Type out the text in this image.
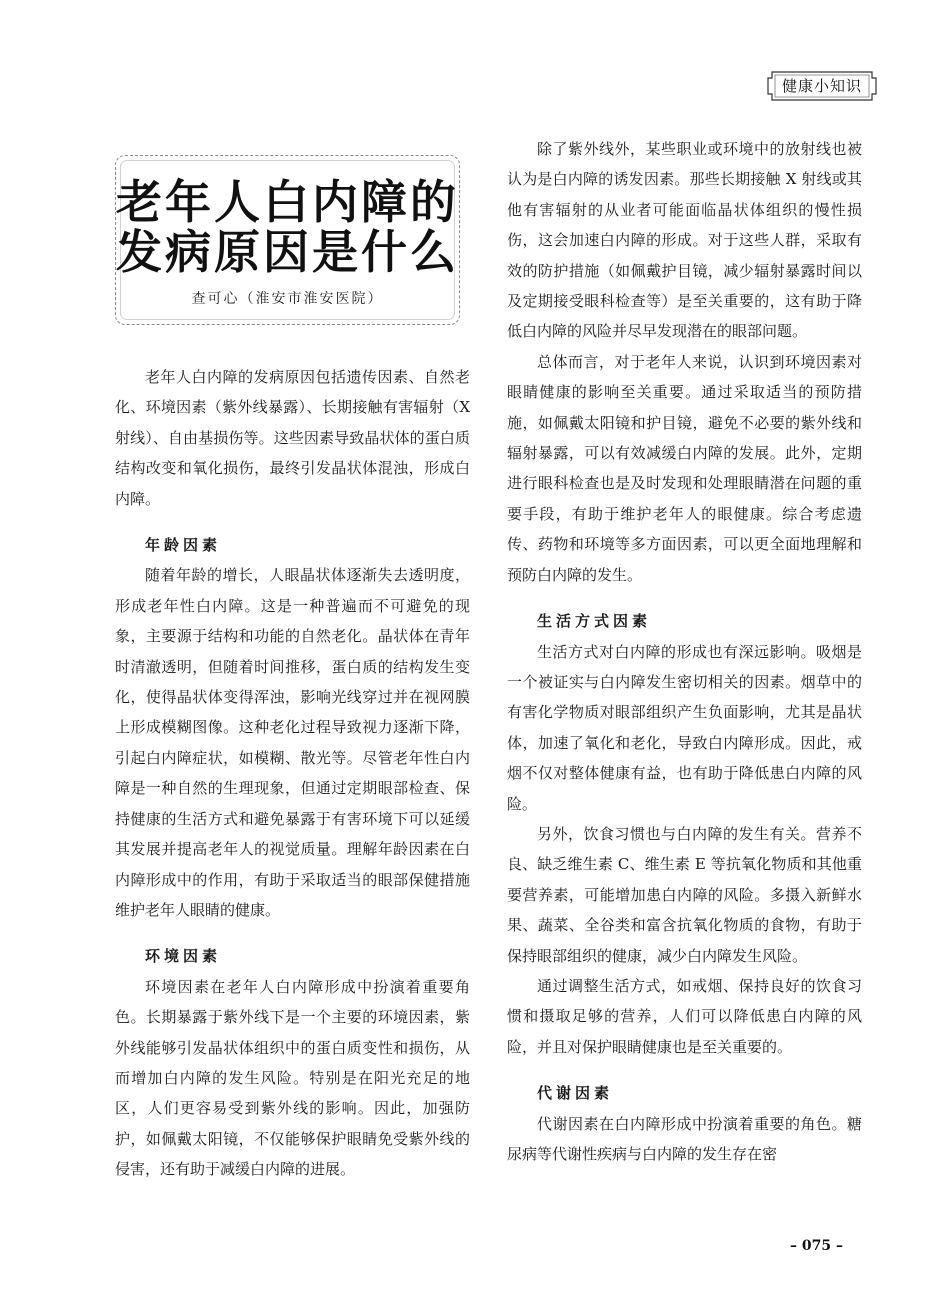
健康小知识
老年人白内障的
发病原因是什么
查可心（淮安市淮安医院）

老年人白内障的发病原因包括遗传因素、自然老化、环境因素（紫外线暴露）、长期接触有害辐射（X 射线）、自由基损伤等。这些因素导致晶状体的蛋白质结构改变和氧化损伤，最终引发晶状体混浊，形成白内障。

年龄因素

随着年龄的增长，人眼晶状体逐渐失去透明度，形成老年性白内障。这是一种普遍而不可避免的现象，主要源于结构和功能的自然老化。晶状体在青年时清澈透明，但随着时间推移，蛋白质的结构发生变化，使得晶状体变得浑浊，影响光线穿过并在视网膜上形成模糊图像。这种老化过程导致视力逐渐下降，引起白内障症状，如模糊、散光等。尽管老年性白内障是一种自然的生理现象，但通过定期眼部检查、保持健康的生活方式和避免暴露于有害环境下可以延缓其发展并提高老年人的视觉质量。理解年龄因素在白内障形成中的作用，有助于采取适当的眼部保健措施维护老年人眼睛的健康。

环境因素

环境因素在老年人白内障形成中扮演着重要角色。长期暴露于紫外线下是一个主要的环境因素，紫外线能够引发晶状体组织中的蛋白质变性和损伤，从而增加白内障的发生风险。特别是在阳光充足的地区，人们更容易受到紫外线的影响。因此，加强防护，如佩戴太阳镜，不仅能够保护眼睛免受紫外线的侵害，还有助于减缓白内障的进展。

除了紫外线外，某些职业或环境中的放射线也被认为是白内障的诱发因素。那些长期接触 X 射线或其他有害辐射的从业者可能面临晶状体组织的慢性损伤，这会加速白内障的形成。对于这些人群，采取有效的防护措施（如佩戴护目镜，减少辐射暴露时间以及定期接受眼科检查等）是至关重要的，这有助于降低白内障的风险并尽早发现潜在的眼部问题。

总体而言，对于老年人来说，认识到环境因素对眼睛健康的影响至关重要。通过采取适当的预防措施，如佩戴太阳镜和护目镜，避免不必要的紫外线和辐射暴露，可以有效减缓白内障的发展。此外，定期进行眼科检查也是及时发现和处理眼睛潜在问题的重要手段，有助于维护老年人的眼健康。综合考虑遗传、药物和环境等多方面因素，可以更全面地理解和预防白内障的发生。

生活方式因素

生活方式对白内障的形成也有深远影响。吸烟是一个被证实与白内障发生密切相关的因素。烟草中的有害化学物质对眼部组织产生负面影响，尤其是晶状体，加速了氧化和老化，导致白内障形成。因此，戒烟不仅对整体健康有益，也有助于降低患白内障的风险。

另外，饮食习惯也与白内障的发生有关。营养不良、缺乏维生素 C、维生素 E 等抗氧化物质和其他重要营养素，可能增加患白内障的风险。多摄入新鲜水果、蔬菜、全谷类和富含抗氧化物质的食物，有助于保持眼部组织的健康，减少白内障发生风险。

通过调整生活方式，如戒烟、保持良好的饮食习惯和摄取足够的营养，人们可以降低患白内障的风险，并且对保护眼睛健康也是至关重要的。

代谢因素

代谢因素在白内障形成中扮演着重要的角色。糖尿病等代谢性疾病与白内障的发生存在密

– 075 –
